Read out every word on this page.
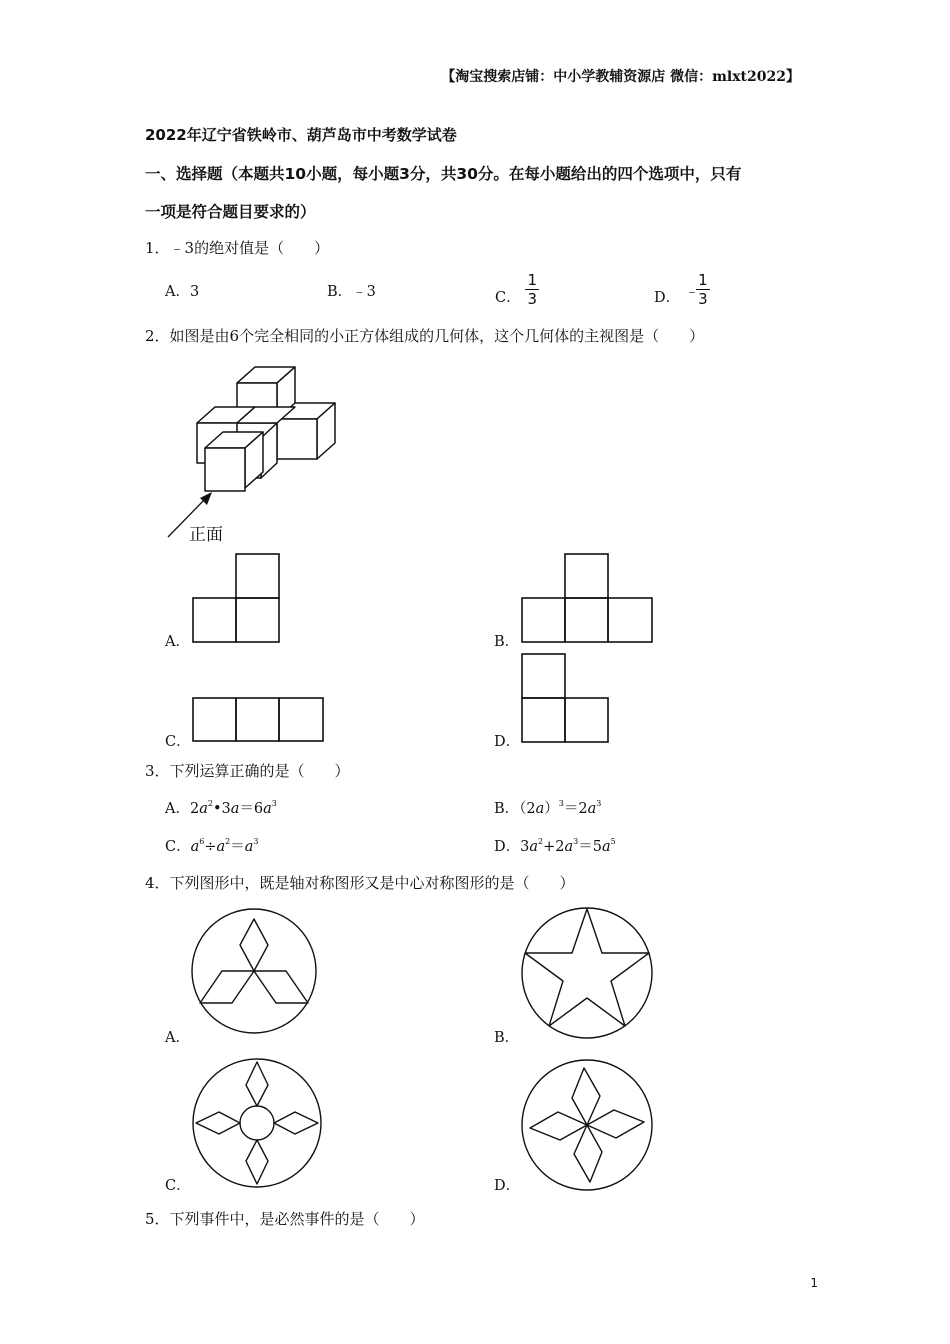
【淘宝搜索店铺：中小学教辅资源店 微信：mlxt2022】
2022年辽宁省铁岭市、葫芦岛市中考数学试卷
一、选择题（本题共10小题，每小题3分，共30分。在每小题给出的四个选项中，只有
一项是符合题目要求的）
1．﹣3的绝对值是（　　）
A．3	B．﹣3	C． $\frac{1}{3}$	D． ﹣
$\frac{1}{3}$
2．如图是由6个完全相同的小正方体组成的几何体，这个几何体的主视图是（　　）
正面
A．	B．
C．	D．
3．下列运算正确的是（　　）
A．$2a^2•3a=6a^3$	B．$(2a)^3=2a^3$
C．$a^6\div a^2=a^3$	D．$3a^2+2a^3=5a^5$
4．下列图形中，既是轴对称图形又是中心对称图形的是（　　）
A．	B．
C．	D．
5．下列事件中，是必然事件的是（　　）
1
